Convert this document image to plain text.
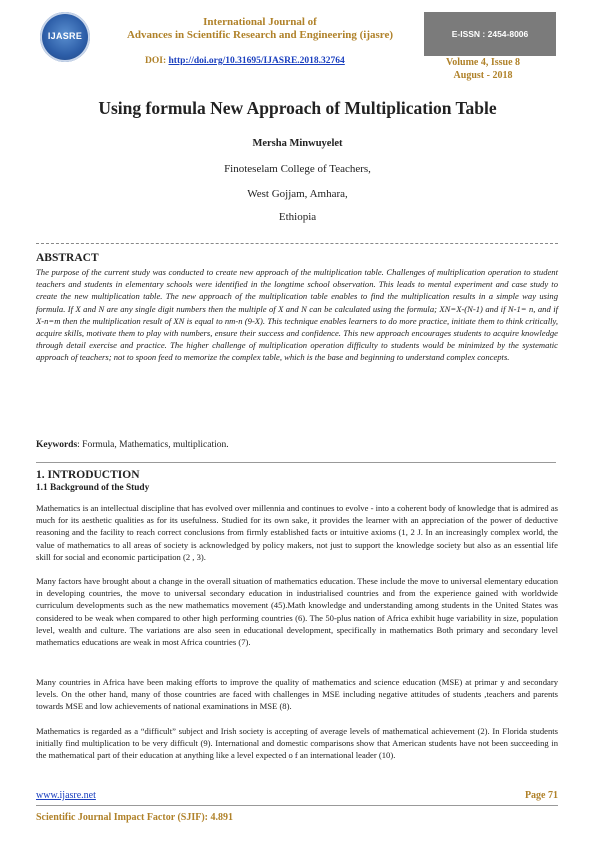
IJASRE
International Journal of
Advances in Scientific Research and Engineering (ijasre)	E-ISSN : 2454-8006
DOI: http://doi.org/10.31695/IJASRE.2018.32764	Volume 4, Issue 8
August - 2018
Using formula New Approach of Multiplication Table
Mersha Minwuyelet
Finoteselam College of Teachers,
West Gojjam, Amhara,
Ethiopia
ABSTRACT

The purpose of the current study was conducted to create new approach of the multiplication table. Challenges of multiplication operation to student teachers and students in elementary schools were identified in the longtime school observation. This leads to mental experiment and case study to create the new multiplication table. The new approach of the multiplication table enables to find the multiplication results in a simple way using formula. If X and N are any single digit numbers then the multiple of X and N can be calculated using the formula; XN=X-(N-1) and if N-1= n, and if X-n=m then the multiplication result of XN is equal to nm-n (9-X). This technique enables learners to do more practice, initiate them to think critically, acquire skills, motivate them to play with numbers, ensure their success and confidence. This new approach encourages students to acquire knowledge through detail exercise and practice. The higher challenge of multiplication operation difficulty to students would be minimized by the systematic approach of teachers; not to spoon feed to memorize the complex table, which is the base and beginning to understand complex concepts.

Keywords: Formula, Mathematics, multiplication.
1. INTRODUCTION
1.1 Background of the Study

Mathematics is an intellectual discipline that has evolved over millennia and continues to evolve - into a coherent body of knowledge that is admired as much for its aesthetic qualities as for its usefulness. Studied for its own sake, it provides the learner with an appreciation of the power of deductive reasoning and the facility to reach correct conclusions from firmly established facts or intuitive axioms (1, 2 J. In an increasingly complex world, the value of mathematics to all areas of society is acknowledged by policy makers, not just to support the knowledge society but also as an essential life skill for social and economic participation (2 , 3).

Many factors have brought about a change in the overall situation of mathematics education. These include the move to universal elementary education in developing countries, the move to universal secondary education in industrialised countries and from the experience gained with worldwide curriculum developments such as the new mathematics movement (45).Math knowledge and understanding among students in the United States was considered to be weak when compared to other high performing countries (6). The 50-plus nation of Africa exhibit huge variability in size, population level, wealth and culture. The variations are also seen in educational development, specifically in mathematics Both primary and secondary level mathematics educations are weak in most Africa countries (7).

Many countries in Africa have been making efforts to improve the quality of mathematics and science education (MSE) at primar y and secondary levels. On the other hand, many of those countries are faced with challenges in MSE including negative attitudes of students ,teachers and parents towards MSE and low achievements of national examinations in MSE (8).

Mathematics is regarded as a “difficult” subject and Irish society is accepting of average levels of mathematical achievement (2). In Florida students initially find multiplication to be very difficult (9). International and domestic comparisons show that American students have not been succeeding in the mathematical part of their education at anything like a level expected o f an international leader (10).

www.ijasre.net	Page 71
Scientific Journal Impact Factor (SJIF): 4.891
